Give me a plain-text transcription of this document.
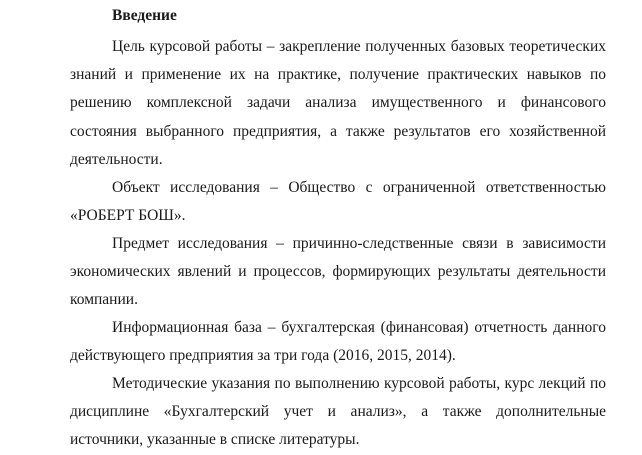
Введение

Цель курсовой работы – закрепление полученных базовых теоретических знаний и применение их на практике, получение практических навыков по решению комплексной задачи анализа имущественного и финансового состояния выбранного предприятия, а также результатов его хозяйственной деятельности.

Объект исследования – Общество с ограниченной ответственностью «РОБЕРТ БОШ».

Предмет исследования – причинно-следственные связи в зависимости экономических явлений и процессов, формирующих результаты деятельности компании.

Информационная база – бухгалтерская (финансовая) отчетность данного действующего предприятия за три года (2016, 2015, 2014).

Методические указания по выполнению курсовой работы, курс лекций по дисциплине «Бухгалтерский учет и анализ», а также дополнительные источники, указанные в списке литературы.
